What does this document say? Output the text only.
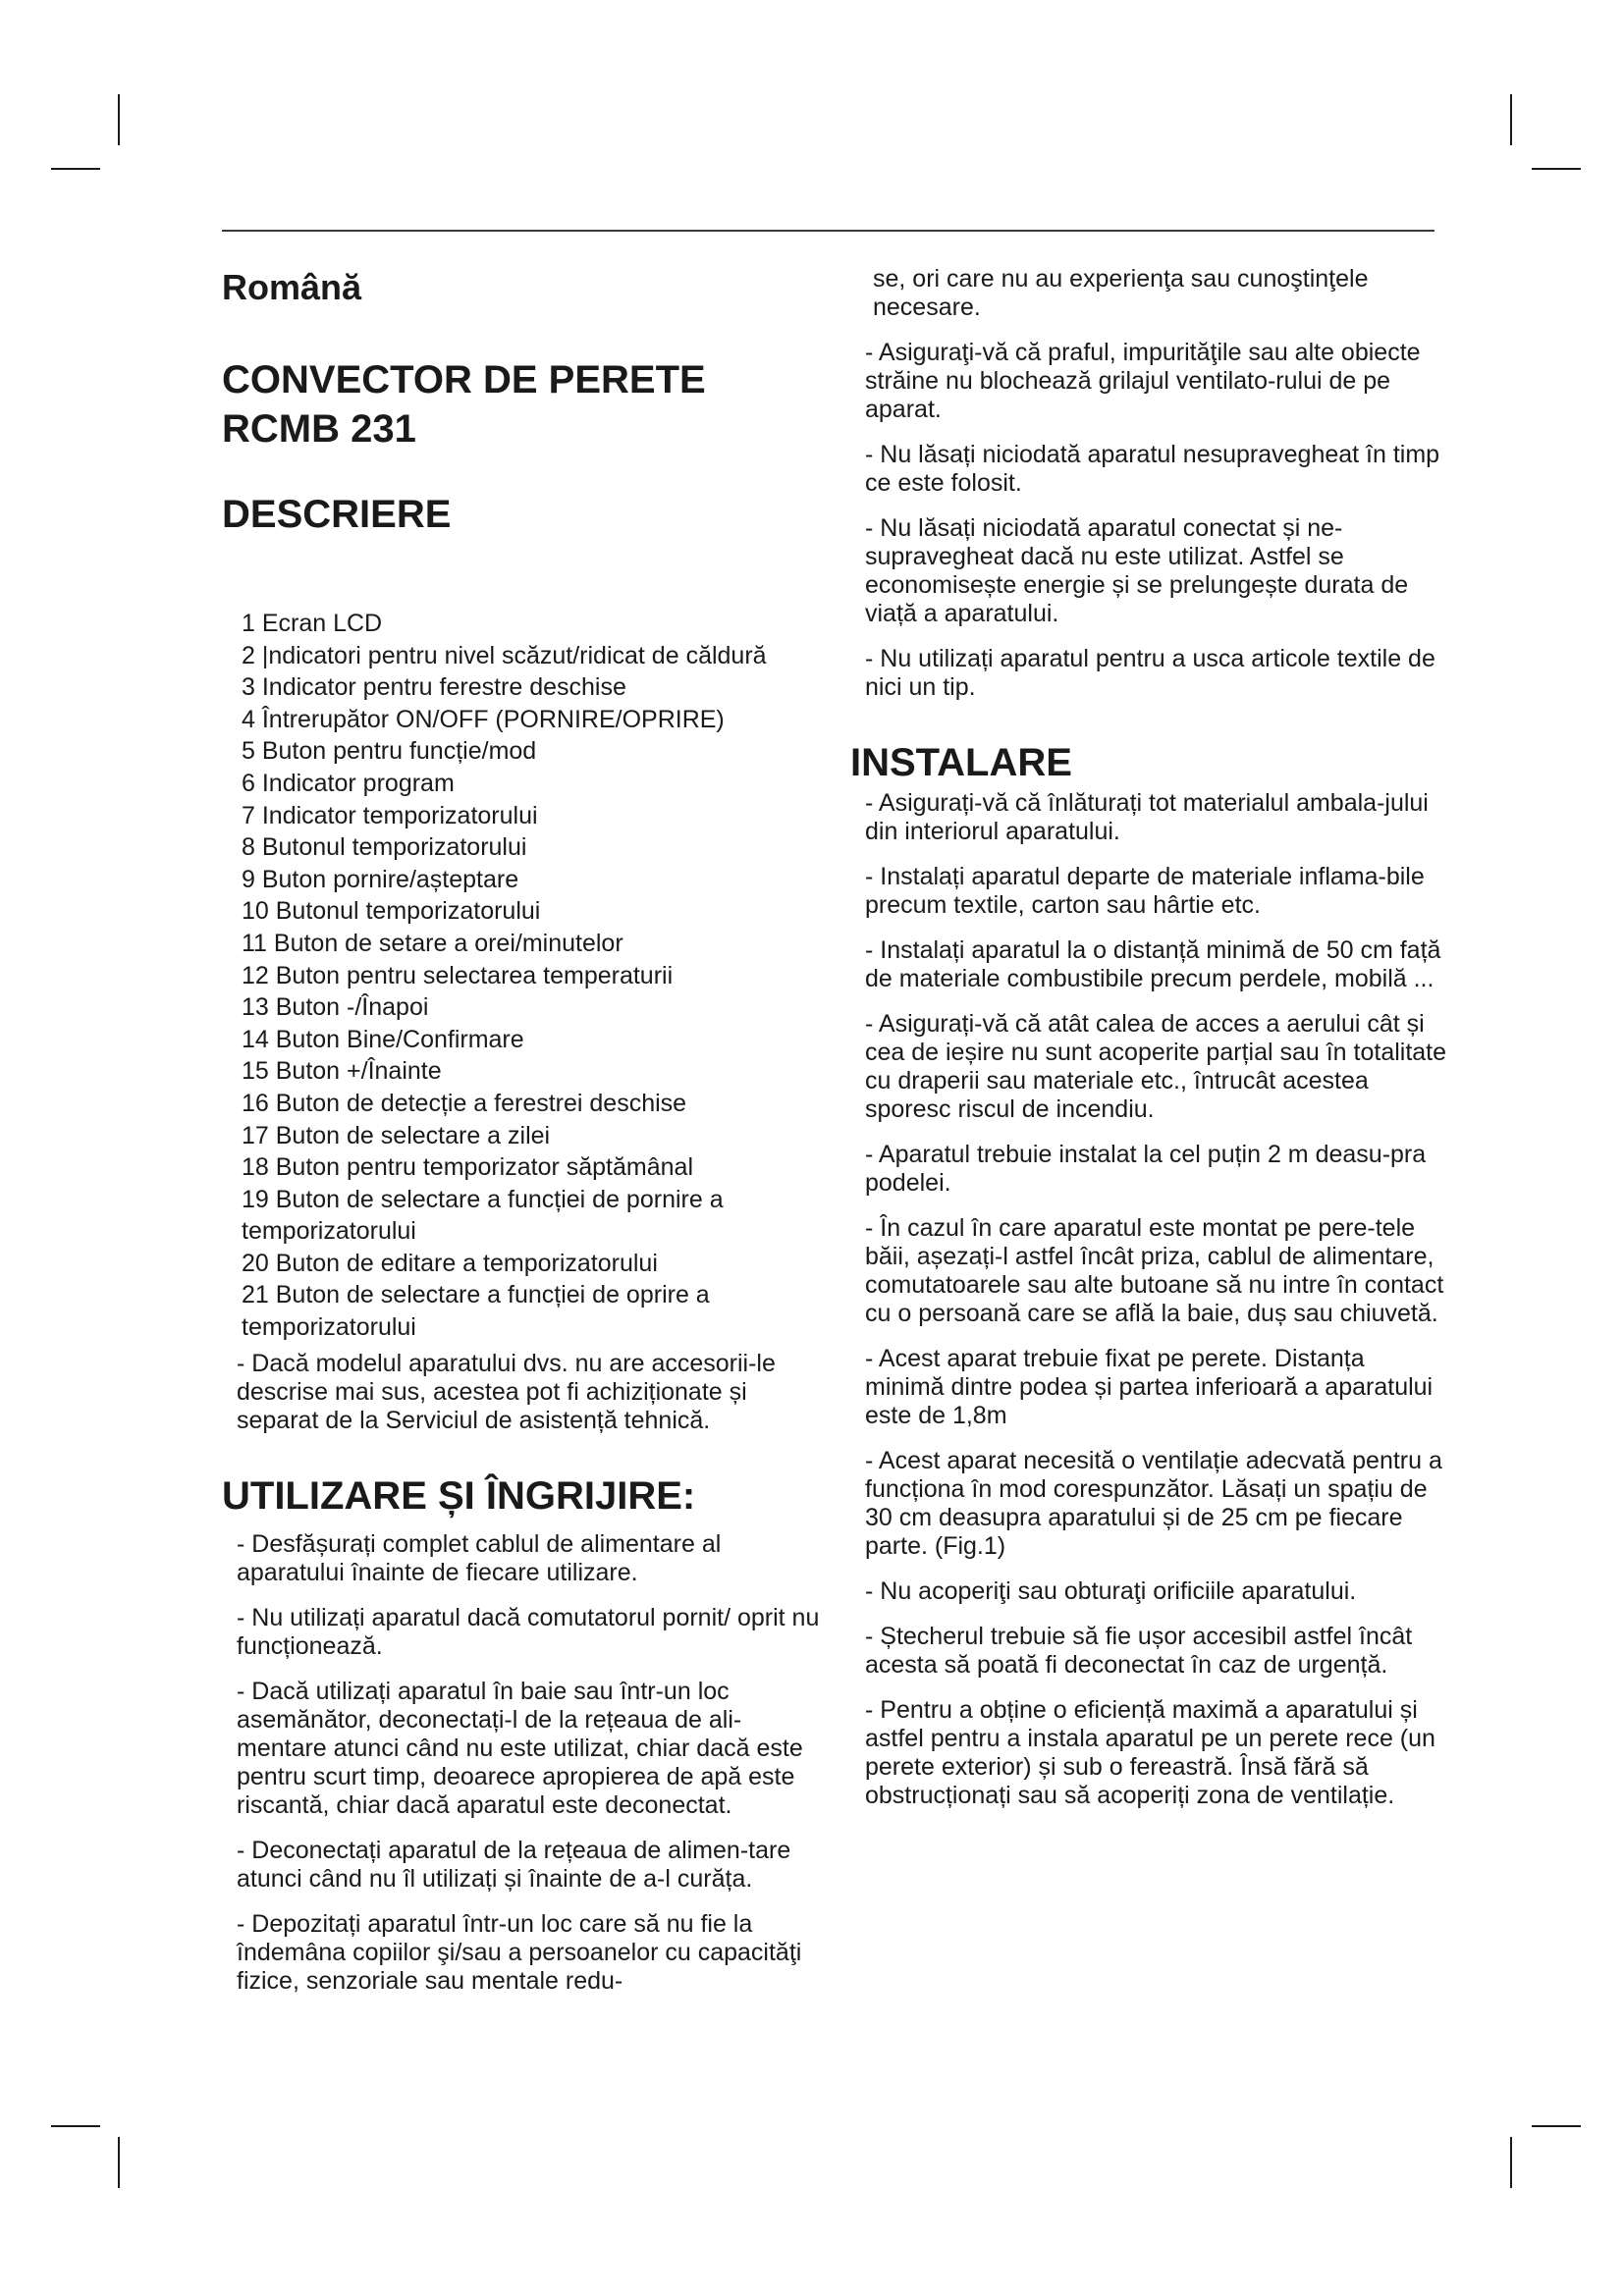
Română
CONVECTOR DE PERETE
RCMB 231
DESCRIERE
1 Ecran LCD
2 |ndicatori pentru nivel scăzut/ridicat de căldură
3 Indicator pentru ferestre deschise
4 Întrerupător ON/OFF (PORNIRE/OPRIRE)
5 Buton pentru funcție/mod
6 Indicator program
7 Indicator temporizatorului
8 Butonul temporizatorului
9 Buton pornire/așteptare
10 Butonul temporizatorului
11 Buton de setare a orei/minutelor
12 Buton pentru selectarea temperaturii
13 Buton -/Înapoi
14 Buton Bine/Confirmare
15 Buton +/Înainte
16 Buton de detecție a ferestrei deschise
17 Buton de selectare a zilei
18 Buton pentru temporizator săptămânal
19 Buton de selectare a funcției de pornire a temporizatorului
20 Buton de editare a temporizatorului
21 Buton de selectare a funcției de oprire a temporizatorului

- Dacă modelul aparatului dvs. nu are accesorii-le descrise mai sus, acestea pot fi achiziționate și separat de la Serviciul de asistență tehnică.

UTILIZARE ȘI ÎNGRIJIRE:

- Desfășurați complet cablul de alimentare al aparatului înainte de fiecare utilizare.

- Nu utilizați aparatul dacă comutatorul pornit/ oprit nu funcționează.

- Dacă utilizați aparatul în baie sau într-un loc asemănător, deconectați-l de la rețeaua de ali-mentare atunci când nu este utilizat, chiar dacă este pentru scurt timp, deoarece apropierea de apă este riscantă, chiar dacă aparatul este deconectat.

- Deconectați aparatul de la rețeaua de alimen-tare atunci când nu îl utilizați și înainte de a-l curăța.

- Depozitați aparatul într-un loc care să nu fie la îndemâna copiilor şi/sau a persoanelor cu capacităţi fizice, senzoriale sau mentale redu-

se, ori care nu au experienţa sau cunoştinţele necesare.

- Asiguraţi-vă că praful, impurităţile sau alte obiecte străine nu blochează grilajul ventilato-rului de pe aparat.

- Nu lăsați niciodată aparatul nesupravegheat în timp ce este folosit.

- Nu lăsați niciodată aparatul conectat și ne-supravegheat dacă nu este utilizat. Astfel se economisește energie și se prelungește durata de viață a aparatului.

- Nu utilizați aparatul pentru a usca articole textile de nici un tip.

INSTALARE

- Asigurați-vă că înlăturați tot materialul ambala-jului din interiorul aparatului.

- Instalați aparatul departe de materiale inflama-bile precum textile, carton sau hârtie etc.

- Instalați aparatul la o distanță minimă de 50 cm față de materiale combustibile precum perdele, mobilă ...

- Asigurați-vă că atât calea de acces a aerului cât și cea de ieșire nu sunt acoperite parțial sau în totalitate cu draperii sau materiale etc., întrucât acestea sporesc riscul de incendiu.

- Aparatul trebuie instalat la cel puțin 2 m deasu-pra podelei.

- În cazul în care aparatul este montat pe pere-tele băii, așezați-l astfel încât priza, cablul de alimentare, comutatoarele sau alte butoane să nu intre în contact cu o persoană care se află la baie, duș sau chiuvetă.

- Acest aparat trebuie fixat pe perete. Distanța minimă dintre podea și partea inferioară a aparatului este de 1,8m

- Acest aparat necesită o ventilație adecvată pentru a funcționa în mod corespunzător. Lăsați un spațiu de 30 cm deasupra aparatului și de 25 cm pe fiecare parte. (Fig.1)

- Nu acoperiţi sau obturaţi orificiile aparatului.

- Ștecherul trebuie să fie ușor accesibil astfel încât acesta să poată fi deconectat în caz de urgență.

- Pentru a obține o eficiență maximă a aparatului și astfel pentru a instala aparatul pe un perete rece (un perete exterior) și sub o fereastră. Însă fără să obstrucționați sau să acoperiți zona de ventilație.
